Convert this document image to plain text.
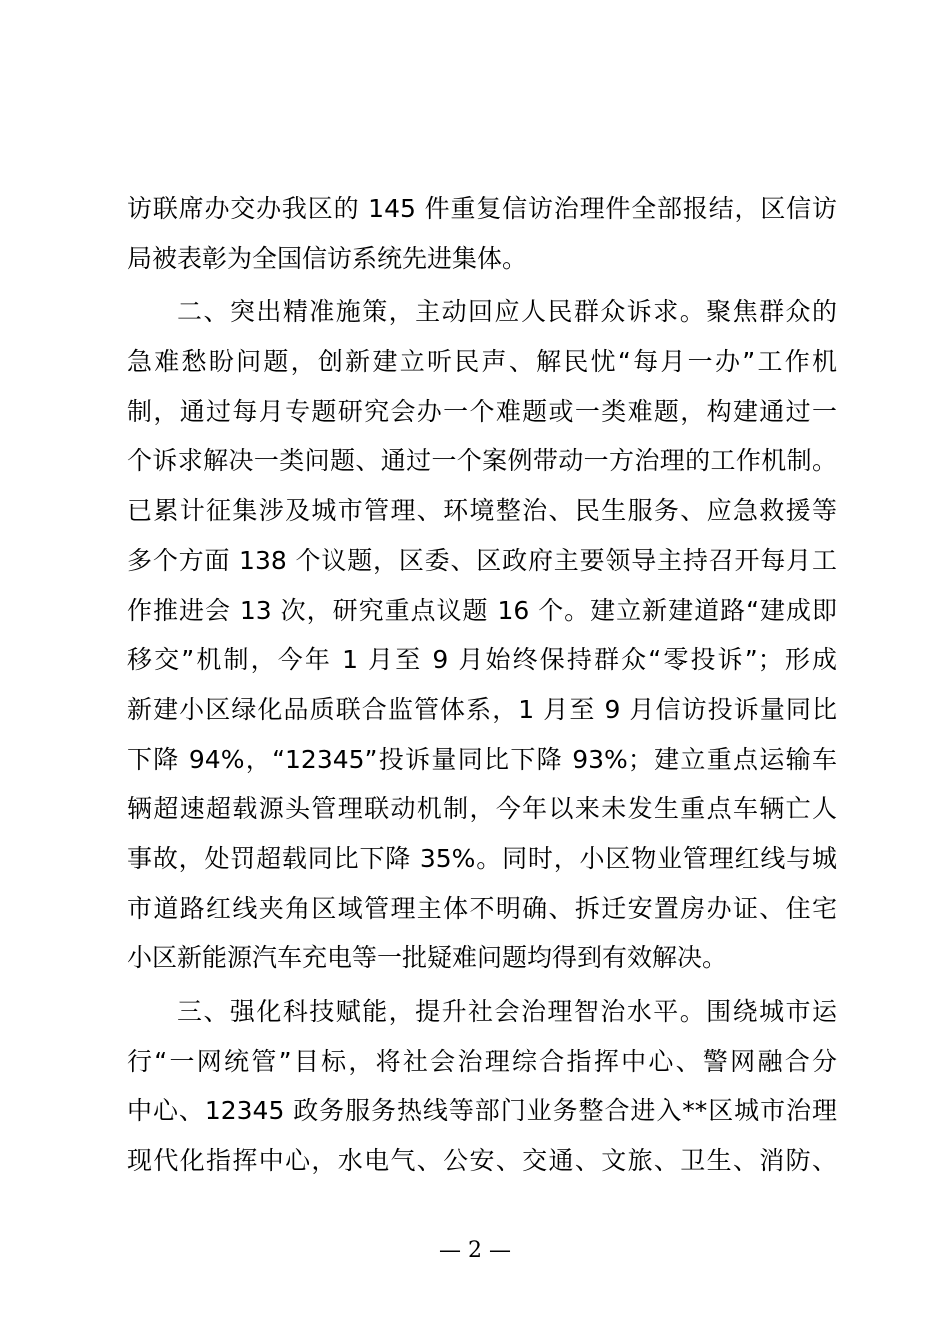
访联席办交办我区的 145 件重复信访治理件全部报结，区信访
局被表彰为全国信访系统先进集体。
二、突出精准施策，主动回应人民群众诉求。聚焦群众的
急难愁盼问题，创新建立听民声、解民忧“每月一办”工作机
制，通过每月专题研究会办一个难题或一类难题，构建通过一
个诉求解决一类问题、通过一个案例带动一方治理的工作机制。
已累计征集涉及城市管理、环境整治、民生服务、应急救援等
多个方面 138 个议题，区委、区政府主要领导主持召开每月工
作推进会 13 次，研究重点议题 16 个。建立新建道路“建成即
移交”机制，今年 1 月至 9 月始终保持群众“零投诉”；形成
新建小区绿化品质联合监管体系，1 月至 9 月信访投诉量同比
下降 94%，“12345”投诉量同比下降 93%；建立重点运输车
辆超速超载源头管理联动机制，今年以来未发生重点车辆亡人
事故，处罚超载同比下降 35%。同时，小区物业管理红线与城
市道路红线夹角区域管理主体不明确、拆迁安置房办证、住宅
小区新能源汽车充电等一批疑难问题均得到有效解决。
三、强化科技赋能，提升社会治理智治水平。围绕城市运
行“一网统管”目标，将社会治理综合指挥中心、警网融合分
中心、12345 政务服务热线等部门业务整合进入**区城市治理
现代化指挥中心，水电气、公安、交通、文旅、卫生、消防、
— 2 —
